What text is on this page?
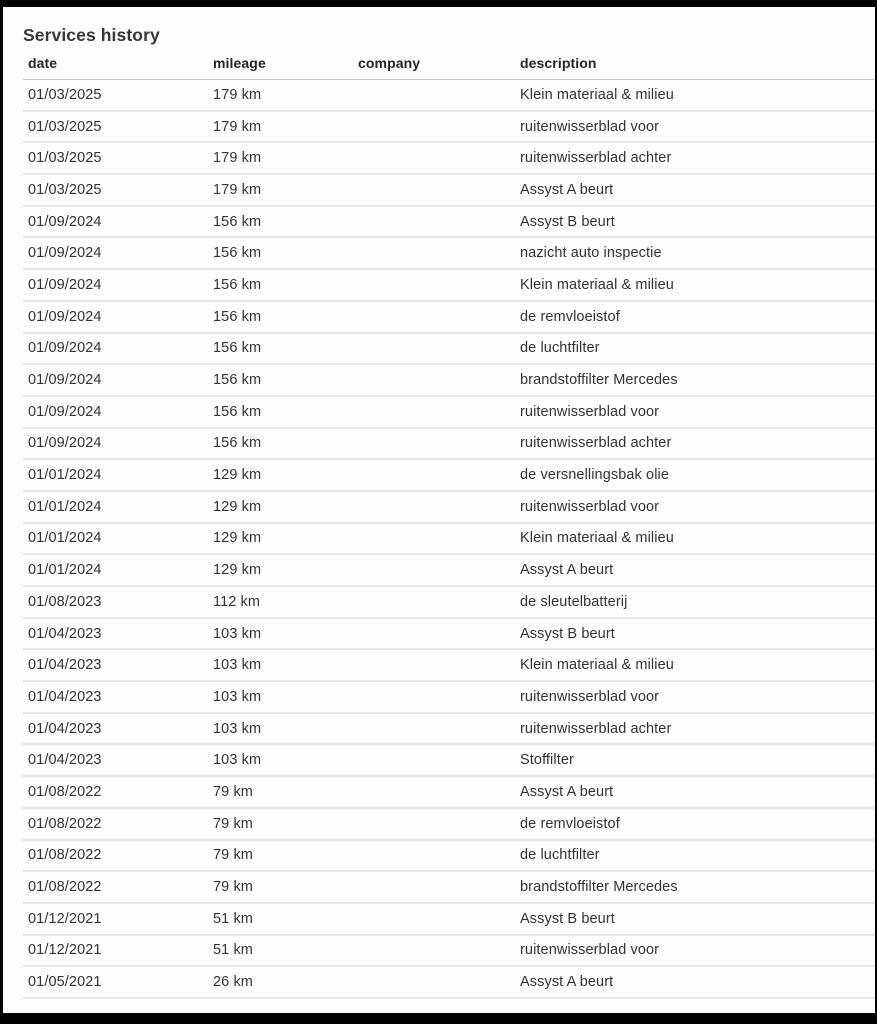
Services history
date	mileage	company	description
01/03/2025	179 km		Klein materiaal & milieu
01/03/2025	179 km		ruitenwisserblad voor
01/03/2025	179 km		ruitenwisserblad achter
01/03/2025	179 km		Assyst A beurt
01/09/2024	156 km		Assyst B beurt
01/09/2024	156 km		nazicht auto inspectie
01/09/2024	156 km		Klein materiaal & milieu
01/09/2024	156 km		de remvloeistof
01/09/2024	156 km		de luchtfilter
01/09/2024	156 km		brandstoffilter Mercedes
01/09/2024	156 km		ruitenwisserblad voor
01/09/2024	156 km		ruitenwisserblad achter
01/01/2024	129 km		de versnellingsbak olie
01/01/2024	129 km		ruitenwisserblad voor
01/01/2024	129 km		Klein materiaal & milieu
01/01/2024	129 km		Assyst A beurt
01/08/2023	112 km		de sleutelbatterij
01/04/2023	103 km		Assyst B beurt
01/04/2023	103 km		Klein materiaal & milieu
01/04/2023	103 km		ruitenwisserblad voor
01/04/2023	103 km		ruitenwisserblad achter
01/04/2023	103 km		Stoffilter
01/08/2022	79 km		Assyst A beurt
01/08/2022	79 km		de remvloeistof
01/08/2022	79 km		de luchtfilter
01/08/2022	79 km		brandstoffilter Mercedes
01/12/2021	51 km		Assyst B beurt
01/12/2021	51 km		ruitenwisserblad voor
01/05/2021	26 km		Assyst A beurt
